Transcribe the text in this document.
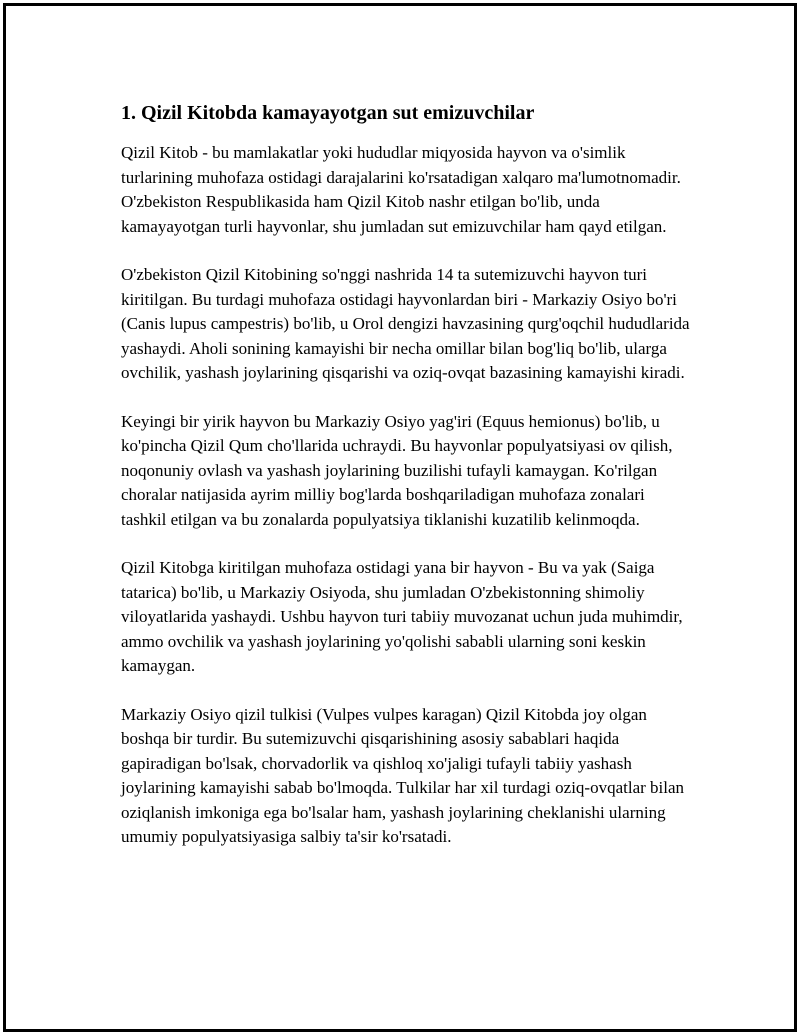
1. Qizil Kitobda kamayayotgan sut emizuvchilar

Qizil Kitob - bu mamlakatlar yoki hududlar miqyosida hayvon va o'simlik turlarining muhofaza ostidagi darajalarini ko'rsatadigan xalqaro ma'lumotnomadir. O'zbekiston Respublikasida ham Qizil Kitob nashr etilgan bo'lib, unda kamayayotgan turli hayvonlar, shu jumladan sut emizuvchilar ham qayd etilgan.

O'zbekiston Qizil Kitobining so'nggi nashrida 14 ta sutemizuvchi hayvon turi kiritilgan. Bu turdagi muhofaza ostidagi hayvonlardan biri - Markaziy Osiyo bo'ri (Canis lupus campestris) bo'lib, u Orol dengizi havzasining qurg'oqchil hududlarida yashaydi. Aholi sonining kamayishi bir necha omillar bilan bog'liq bo'lib, ularga ovchilik, yashash joylarining qisqarishi va oziq-ovqat bazasining kamayishi kiradi.

Keyingi bir yirik hayvon bu Markaziy Osiyo yag'iri (Equus hemionus) bo'lib, u ko'pincha Qizil Qum cho'llarida uchraydi. Bu hayvonlar populyatsiyasi ov qilish, noqonuniy ovlash va yashash joylarining buzilishi tufayli kamaygan. Ko'rilgan choralar natijasida ayrim milliy bog'larda boshqariladigan muhofaza zonalari tashkil etilgan va bu zonalarda populyatsiya tiklanishi kuzatilib kelinmoqda.

Qizil Kitobga kiritilgan muhofaza ostidagi yana bir hayvon - Bu va yak (Saiga tatarica) bo'lib, u Markaziy Osiyoda, shu jumladan O'zbekistonning shimoliy viloyatlarida yashaydi. Ushbu hayvon turi tabiiy muvozanat uchun juda muhimdir, ammo ovchilik va yashash joylarining yo'qolishi sababli ularning soni keskin kamaygan.

Markaziy Osiyo qizil tulkisi (Vulpes vulpes karagan) Qizil Kitobda joy olgan boshqa bir turdir. Bu sutemizuvchi qisqarishining asosiy sabablari haqida gapiradigan bo'lsak, chorvadorlik va qishloq xo'jaligi tufayli tabiiy yashash joylarining kamayishi sabab bo'lmoqda. Tulkilar har xil turdagi oziq-ovqatlar bilan oziqlanish imkoniga ega bo'lsalar ham, yashash joylarining cheklanishi ularning umumiy populyatsiyasiga salbiy ta'sir ko'rsatadi.
